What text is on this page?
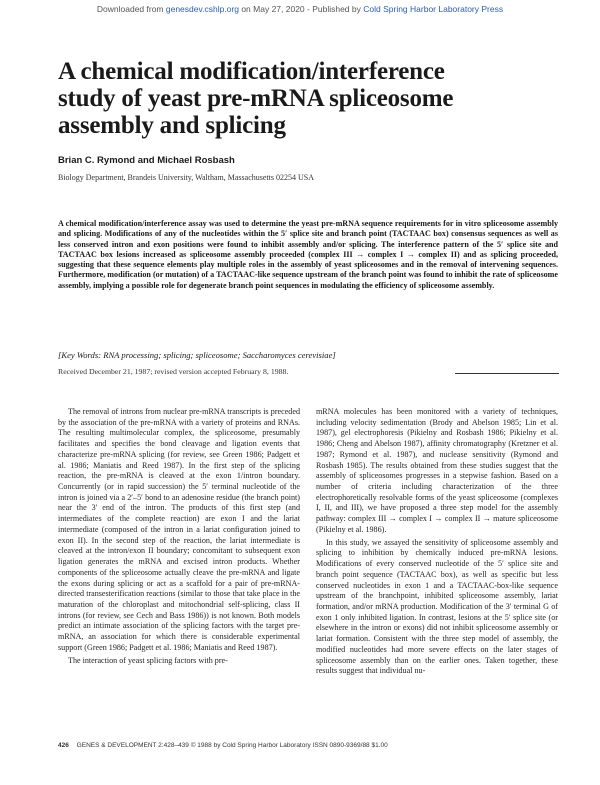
Downloaded from genesdev.cshlp.org on May 27, 2020 - Published by Cold Spring Harbor Laboratory Press
A chemical modification/interference
study of yeast pre-mRNA spliceosome
assembly and splicing
Brian C. Rymond and Michael Rosbash
Biology Department, Brandeis University, Waltham, Massachusetts 02254 USA

A chemical modification/interference assay was used to determine the yeast pre-mRNA sequence requirements for in vitro spliceosome assembly and splicing. Modifications of any of the nucleotides within the 5′ splice site and branch point (TACTAAC box) consensus sequences as well as less conserved intron and exon positions were found to inhibit assembly and/or splicing. The interference pattern of the 5′ splice site and TACTAAC box lesions increased as spliceosome assembly proceeded (complex III → complex I → complex II) and as splicing proceeded, suggesting that these sequence elements play multiple roles in the assembly of yeast spliceosomes and in the removal of intervening sequences. Furthermore, modification (or mutation) of a TACTAAC-like sequence upstream of the branch point was found to inhibit the rate of spliceosome assembly, implying a possible role for degenerate branch point sequences in modulating the efficiency of spliceosome assembly.

[Key Words: RNA processing; splicing; spliceosome; Saccharomyces cerevisiae]
Received December 21, 1987; revised version accepted February 8, 1988.

The removal of introns from nuclear pre-mRNA transcripts is preceded by the association of the pre-mRNA with a variety of proteins and RNAs. The resulting multimolecular complex, the spliceosome, presumably facilitates and specifies the bond cleavage and ligation events that characterize pre-mRNA splicing (for review, see Green 1986; Padgett et al. 1986; Maniatis and Reed 1987). In the first step of the splicing reaction, the pre-mRNA is cleaved at the exon 1/intron boundary. Concurrently (or in rapid succession) the 5′ terminal nucleotide of the intron is joined via a 2′–5′ bond to an adenosine residue (the branch point) near the 3′ end of the intron. The products of this first step (and intermediates of the complete reaction) are exon I and the lariat intermediate (composed of the intron in a lariat configuration joined to exon II). In the second step of the reaction, the lariat intermediate is cleaved at the intron/exon II boundary; concomitant to subsequent exon ligation generates the mRNA and excised intron products. Whether components of the spliceosome actually cleave the pre-mRNA and ligate the exons during splicing or act as a scaffold for a pair of pre-mRNA-directed transesterification reactions (similar to those that take place in the maturation of the chloroplast and mitochondrial self-splicing, class II introns (for review, see Cech and Bass 1986)) is not known. Both models predict an intimate association of the splicing factors with the target pre-mRNA, an association for which there is considerable experimental support (Green 1986; Padgett et al. 1986; Maniatis and Reed 1987).

The interaction of yeast splicing factors with pre-

mRNA molecules has been monitored with a variety of techniques, including velocity sedimentation (Brody and Abelson 1985; Lin et al. 1987), gel electrophoresis (Pikielny and Rosbash 1986; Pikielny et al. 1986; Cheng and Abelson 1987), affinity chromatography (Kretzner et al. 1987; Rymond et al. 1987), and nuclease sensitivity (Rymond and Rosbash 1985). The results obtained from these studies suggest that the assembly of spliceosomes progresses in a stepwise fashion. Based on a number of criteria including characterization of the three electrophoretically resolvable forms of the yeast spliceosome (complexes I, II, and III), we have proposed a three step model for the assembly pathway: complex III → complex I → complex II → mature spliceosome (Pikielny et al. 1986).

In this study, we assayed the sensitivity of spliceosome assembly and splicing to inhibition by chemically induced pre-mRNA lesions. Modifications of every conserved nucleotide of the 5′ splice site and branch point sequence (TACTAAC box), as well as specific but less conserved nucleotides in exon 1 and a TACTAAC-box-like sequence upstream of the branchpoint, inhibited spliceosome assembly, lariat formation, and/or mRNA production. Modification of the 3′ terminal G of exon 1 only inhibited ligation. In contrast, lesions at the 5′ splice site (or elsewhere in the intron or exons) did not inhibit spliceosome assembly or lariat formation. Consistent with the three step model of assembly, the modified nucleotides had more severe effects on the later stages of spliceosome assembly than on the earlier ones. Taken together, these results suggest that individual nu-

426 GENES & DEVELOPMENT 2:428–439 © 1988 by Cold Spring Harbor Laboratory ISSN 0890-9369/88 $1.00
